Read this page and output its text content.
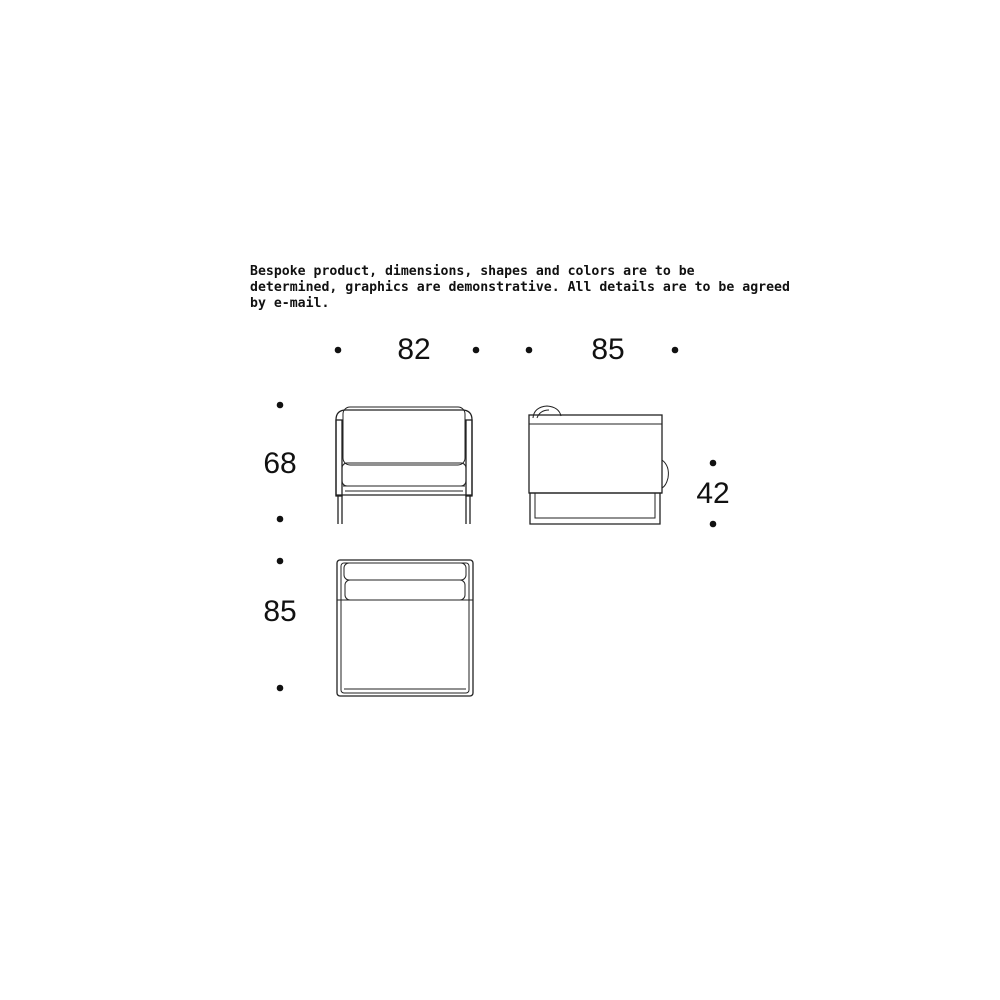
Bespoke product, dimensions, shapes and colors are to be
determined, graphics are demonstrative. All details are to be agreed
by e-mail.
82	85
68
42
85
